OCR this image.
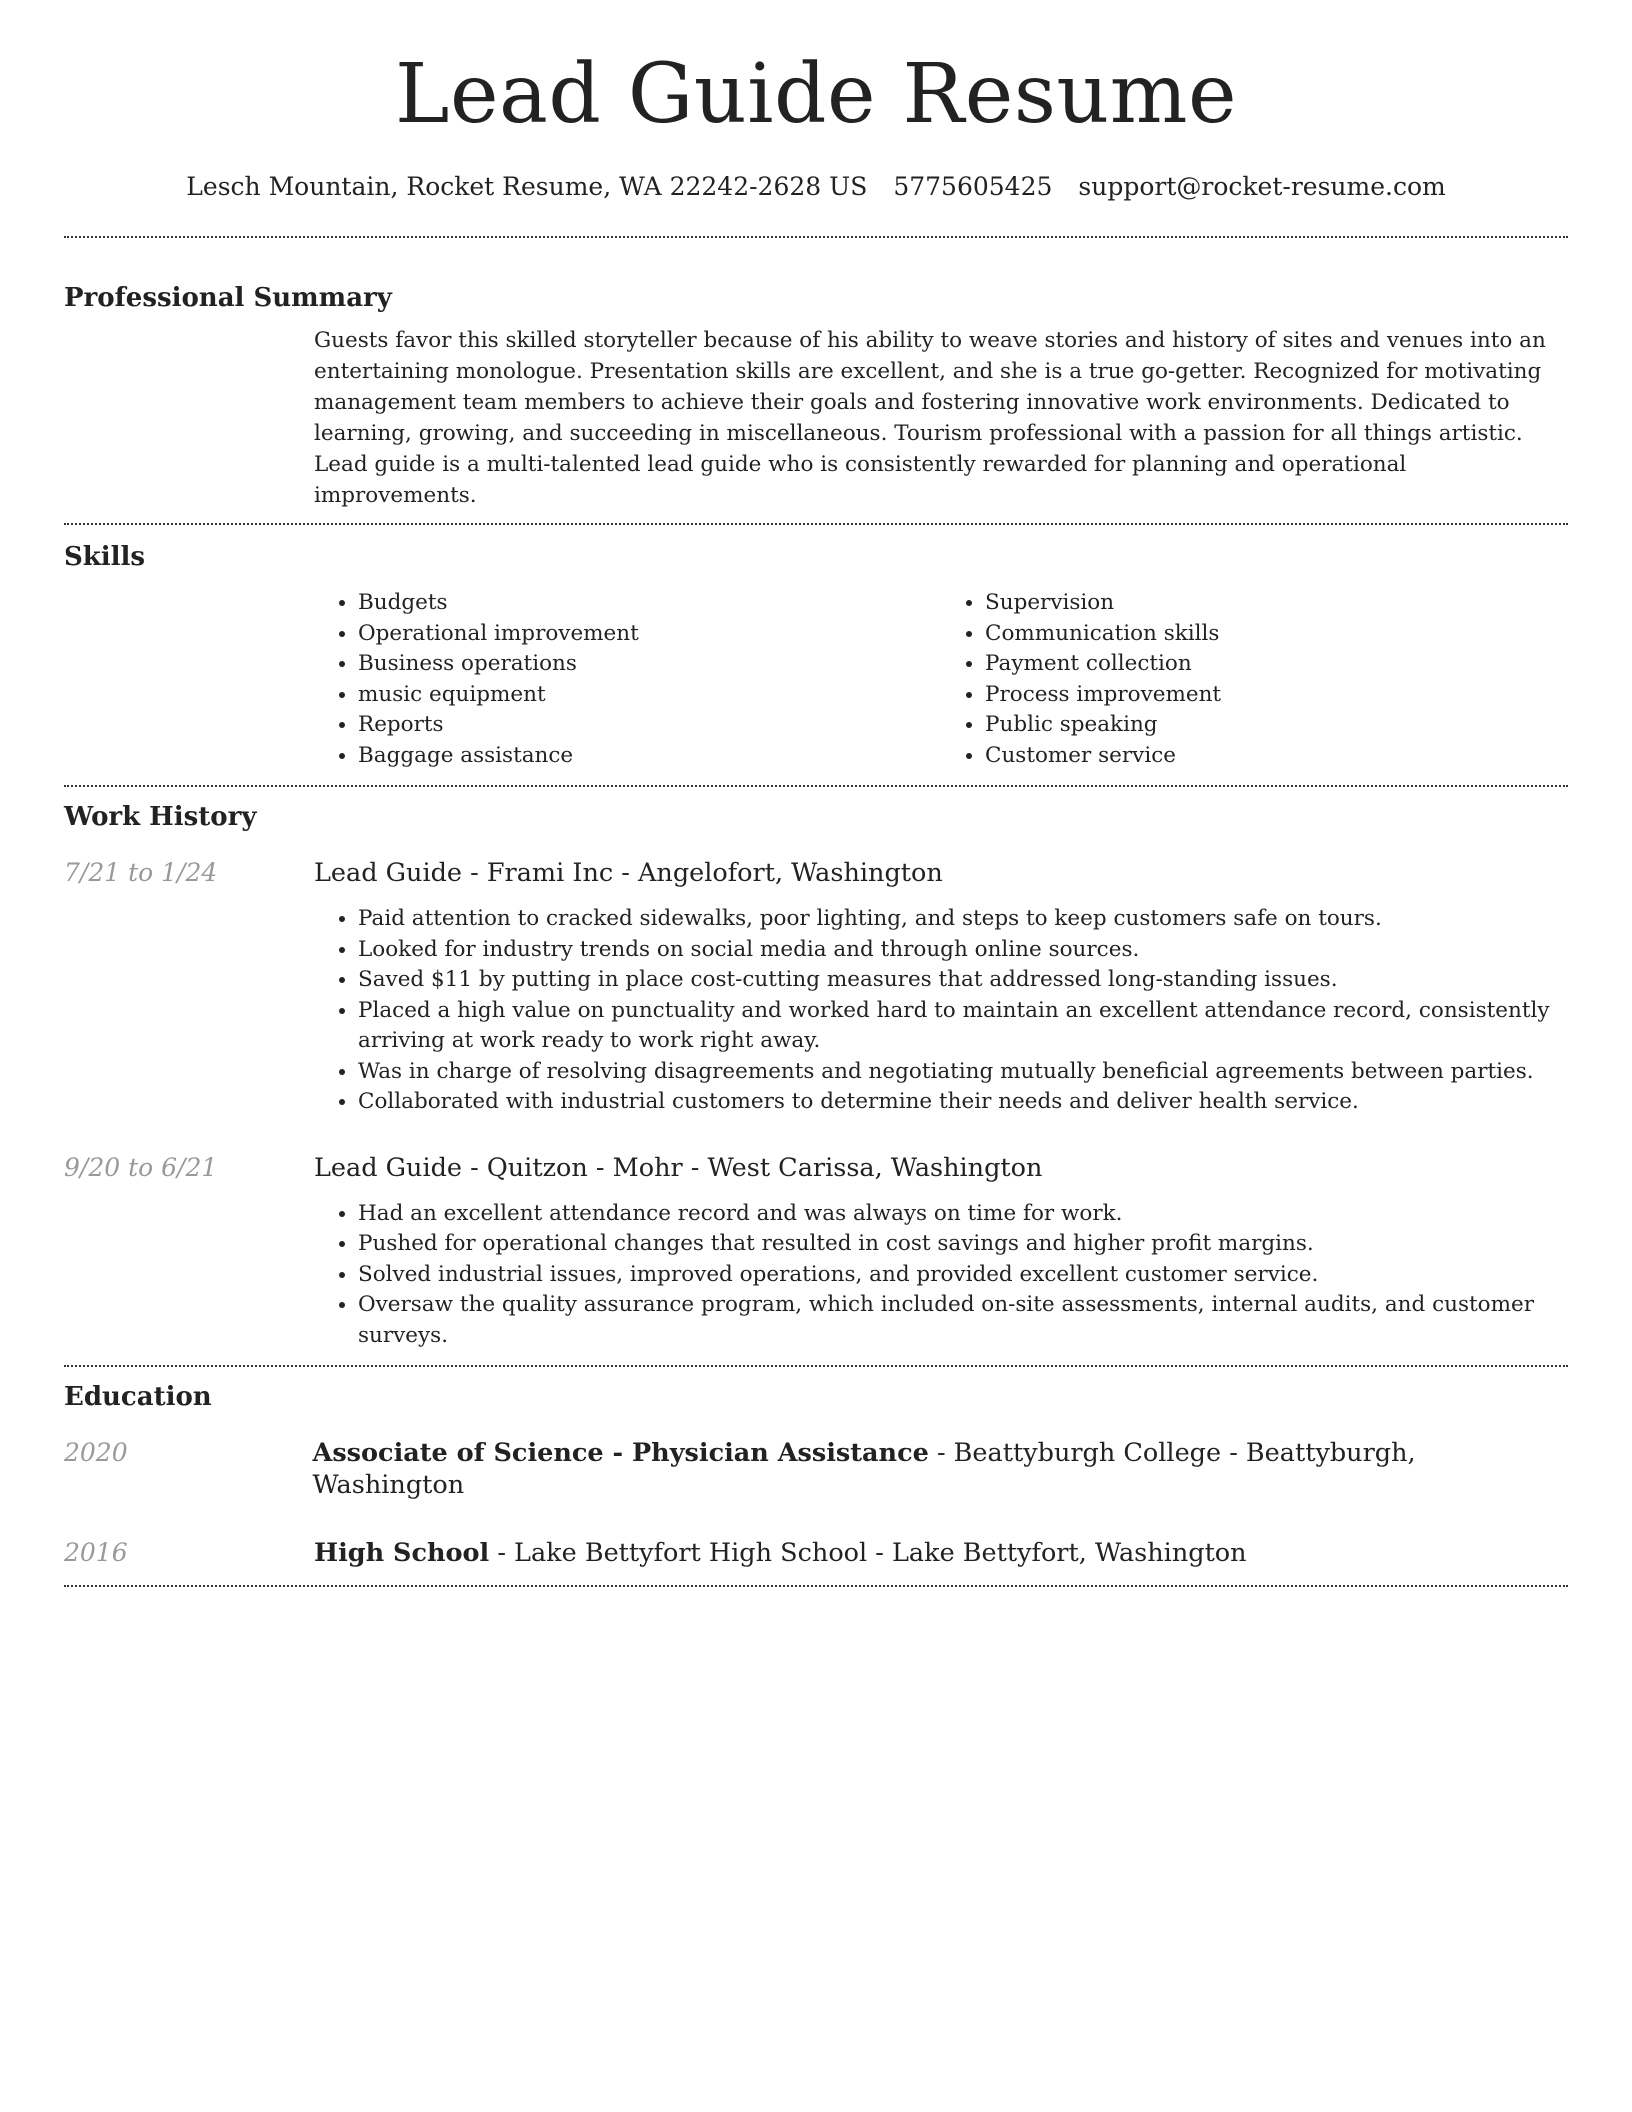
Lead Guide Resume
Lesch Mountain, Rocket Resume, WA 22242-2628 US 5775605425 support@rocket-resume.com
Professional Summary

Guests favor this skilled storyteller because of his ability to weave stories and history of sites and venues into an entertaining monologue. Presentation skills are excellent, and she is a true go-getter. Recognized for motivating management team members to achieve their goals and fostering innovative work environments. Dedicated to learning, growing, and succeeding in miscellaneous. Tourism professional with a passion for all things artistic. Lead guide is a multi-talented lead guide who is consistently rewarded for planning and operational improvements.

Skills
• Budgets
• Operational improvement
• Business operations
• music equipment
• Reports
• Baggage assistance
• Supervision
• Communication skills
• Payment collection
• Process improvement
• Public speaking
• Customer service
Work History
7/21 to 1/24	Lead Guide - Frami Inc - Angelofort, Washington
• Paid attention to cracked sidewalks, poor lighting, and steps to keep customers safe on tours.
• Looked for industry trends on social media and through online sources.
• Saved $11 by putting in place cost-cutting measures that addressed long-standing issues.
• Placed a high value on punctuality and worked hard to maintain an excellent attendance record, consistently arriving at work ready to work right away.
• Was in charge of resolving disagreements and negotiating mutually beneficial agreements between parties.
• Collaborated with industrial customers to determine their needs and deliver health service.
9/20 to 6/21	Lead Guide - Quitzon - Mohr - West Carissa, Washington
• Had an excellent attendance record and was always on time for work.
• Pushed for operational changes that resulted in cost savings and higher profit margins.
• Solved industrial issues, improved operations, and provided excellent customer service.
• Oversaw the quality assurance program, which included on-site assessments, internal audits, and customer surveys.
Education
2020	Associate of Science - Physician Assistance - Beattyburgh College - Beattyburgh, Washington
2016	High School - Lake Bettyfort High School - Lake Bettyfort, Washington
